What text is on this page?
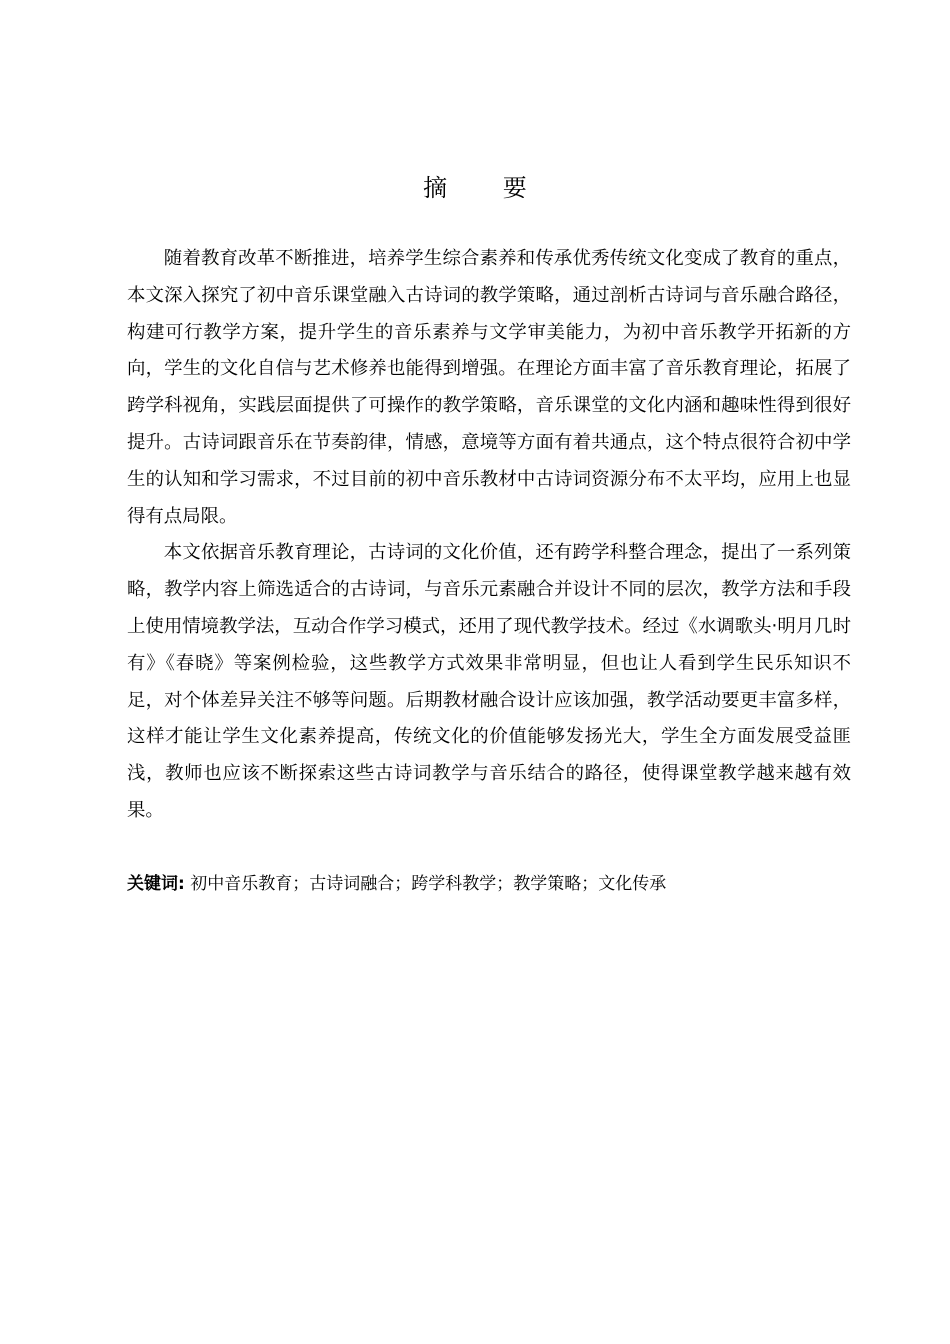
摘 要

随着教育改革不断推进，培养学生综合素养和传承优秀传统文化变成了教育的重点，本文深入探究了初中音乐课堂融入古诗词的教学策略，通过剖析古诗词与音乐融合路径，构建可行教学方案，提升学生的音乐素养与文学审美能力，为初中音乐教学开拓新的方向，学生的文化自信与艺术修养也能得到增强。在理论方面丰富了音乐教育理论，拓展了跨学科视角，实践层面提供了可操作的教学策略，音乐课堂的文化内涵和趣味性得到很好提升。古诗词跟音乐在节奏韵律，情感，意境等方面有着共通点，这个特点很符合初中学生的认知和学习需求，不过目前的初中音乐教材中古诗词资源分布不太平均，应用上也显得有点局限。

本文依据音乐教育理论，古诗词的文化价值，还有跨学科整合理念，提出了一系列策略，教学内容上筛选适合的古诗词，与音乐元素融合并设计不同的层次，教学方法和手段上使用情境教学法，互动合作学习模式，还用了现代教学技术。经过《水调歌头·明月几时有》《春晓》等案例检验，这些教学方式效果非常明显，但也让人看到学生民乐知识不足，对个体差异关注不够等问题。后期教材融合设计应该加强，教学活动要更丰富多样，这样才能让学生文化素养提高，传统文化的价值能够发扬光大，学生全方面发展受益匪浅，教师也应该不断探索这些古诗词教学与音乐结合的路径，使得课堂教学越来越有效果。

关键词: 初中音乐教育；古诗词融合；跨学科教学；教学策略；文化传承
